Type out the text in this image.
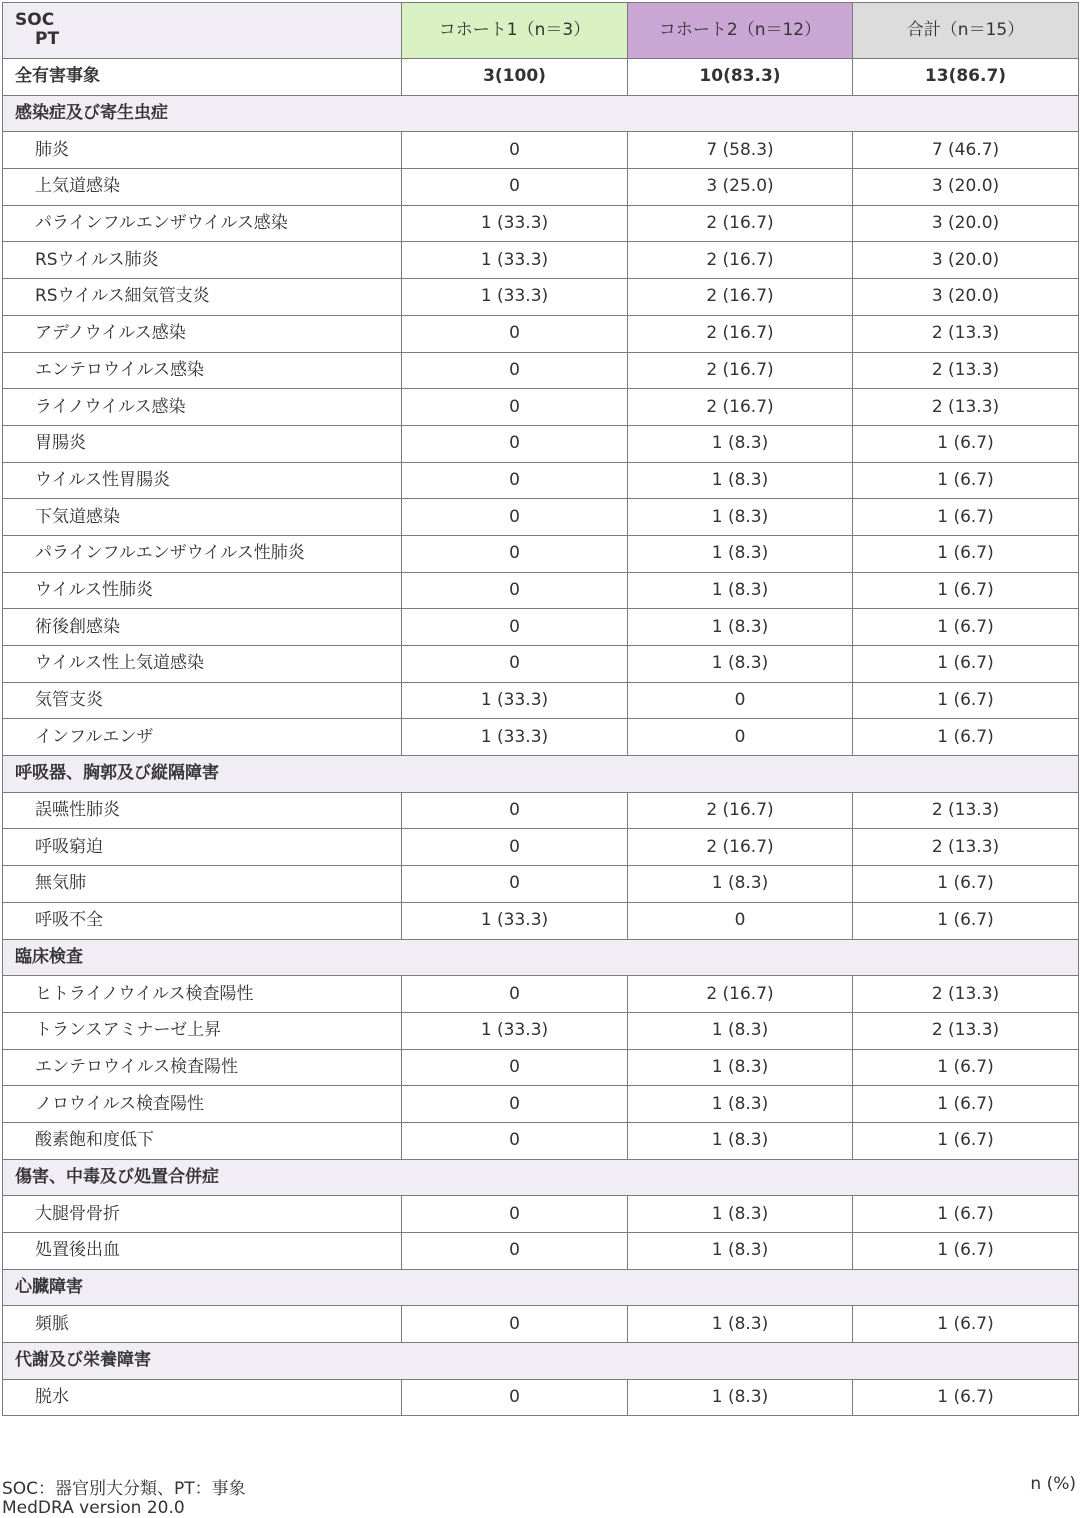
SOC
PT	コホート1（n＝3）	コホート2（n＝12）	合計（n＝15）
全有害事象	3(100)	10(83.3)	13(86.7)
感染症及び寄生虫症			
肺炎	0	7 (58.3)	7 (46.7)
上気道感染	0	3 (25.0)	3 (20.0)
パラインフルエンザウイルス感染	1 (33.3)	2 (16.7)	3 (20.0)
RSウイルス肺炎	1 (33.3)	2 (16.7)	3 (20.0)
RSウイルス細気管支炎	1 (33.3)	2 (16.7)	3 (20.0)
アデノウイルス感染	0	2 (16.7)	2 (13.3)
エンテロウイルス感染	0	2 (16.7)	2 (13.3)
ライノウイルス感染	0	2 (16.7)	2 (13.3)
胃腸炎	0	1 (8.3)	1 (6.7)
ウイルス性胃腸炎	0	1 (8.3)	1 (6.7)
下気道感染	0	1 (8.3)	1 (6.7)
パラインフルエンザウイルス性肺炎	0	1 (8.3)	1 (6.7)
ウイルス性肺炎	0	1 (8.3)	1 (6.7)
術後創感染	0	1 (8.3)	1 (6.7)
ウイルス性上気道感染	0	1 (8.3)	1 (6.7)
気管支炎	1 (33.3)	0	1 (6.7)
インフルエンザ	1 (33.3)	0	1 (6.7)
呼吸器、胸郭及び縦隔障害			
誤嚥性肺炎	0	2 (16.7)	2 (13.3)
呼吸窮迫	0	2 (16.7)	2 (13.3)
無気肺	0	1 (8.3)	1 (6.7)
呼吸不全	1 (33.3)	0	1 (6.7)
臨床検査			
ヒトライノウイルス検査陽性	0	2 (16.7)	2 (13.3)
トランスアミナーゼ上昇	1 (33.3)	1 (8.3)	2 (13.3)
エンテロウイルス検査陽性	0	1 (8.3)	1 (6.7)
ノロウイルス検査陽性	0	1 (8.3)	1 (6.7)
酸素飽和度低下	0	1 (8.3)	1 (6.7)
傷害、中毒及び処置合併症			
大腿骨骨折	0	1 (8.3)	1 (6.7)
処置後出血	0	1 (8.3)	1 (6.7)
心臓障害			
頻脈	0	1 (8.3)	1 (6.7)
代謝及び栄養障害			
脱水	0	1 (8.3)	1 (6.7)
SOC：器官別大分類、PT：事象
MedDRA version 20.0
n (%)
